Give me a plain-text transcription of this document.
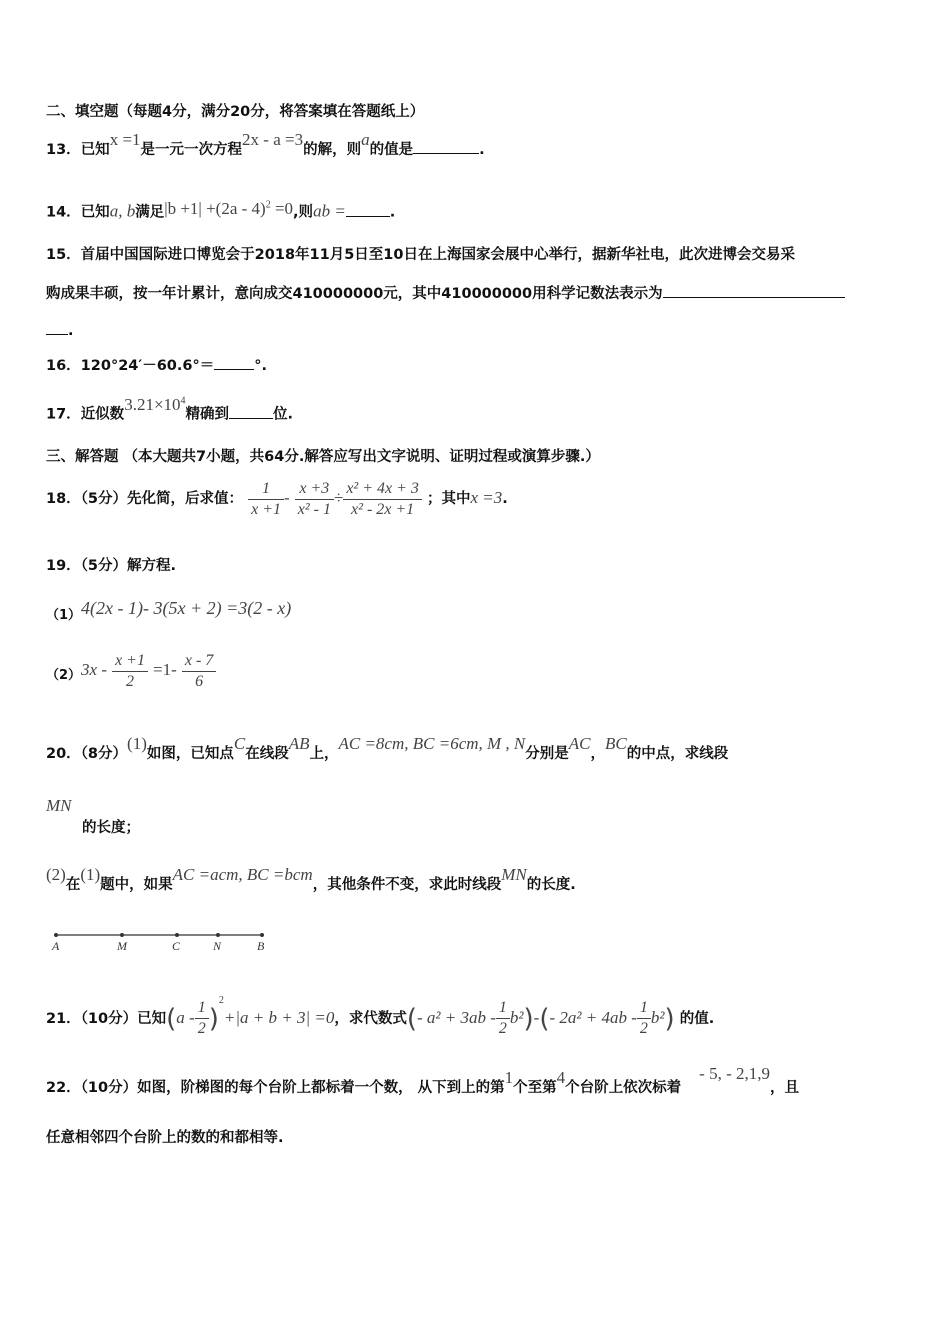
二、填空题（每题4分，满分20分，将答案填在答题纸上）
13．已知x =1是一元一次方程2x - a =3的解，则a的值是	.
14．已知a, b满足|b +1| +(2a - 4)$^2$ =0,则ab =	.
15．首届中国国际进口博览会于2018年11月5日至10日在上海国家会展中心举行，据新华社电，此次进博会交易采
购成果丰硕，按一年计累计，意向成交410000000元，其中410000000用科学记数法表示为
.
16．120°24′－60.6°＝	°.
17．近似数$3.21\times 10^4$精确到	位.
三、解答题 （本大题共7小题，共64分.解答应写出文字说明、证明过程或演算步骤.）
18．（5分）先化简，后求值： $\frac{1}{x +1} - \frac{x +3}{\text{x² - 1}} \div \frac{\text{x² + 4x + 3}}{\text{x² - 2x +1}}$ ；其中x =3.
19．（5分）解方程.
（1）4(2x - 1)- 3(5x + 2) =3(2 - x)
$(2)3x - \frac{x +1}{2} =1- \frac{x - 7}{6}$
20．（8分）(1)如图，已知点C在线段AB上，AC =8cm, BC =6cm, M , N分别是AC，BC的中点，求线段
MN
的长度；
(2)在(1)题中，如果AC =acm, BC =bcm，其他条件不变，求此时线段MN的长度.
A	M	C	N	B
21．（10分）已知$(a - \frac{1}{2} )^2+|a + b + 3| =0$，求代数式(- $a^2 + 3ab - \frac{1}{2} b^2)-(-$ $2a^2 + 4ab - \frac{1}{2} b^2$) 的值.
22．（10分）如图，阶梯图的每个台阶上都标着一个数， 从下到上的第1个至第4个台阶上依次标着- 5, - 2,1,9，且
任意相邻四个台阶上的数的和都相等.
